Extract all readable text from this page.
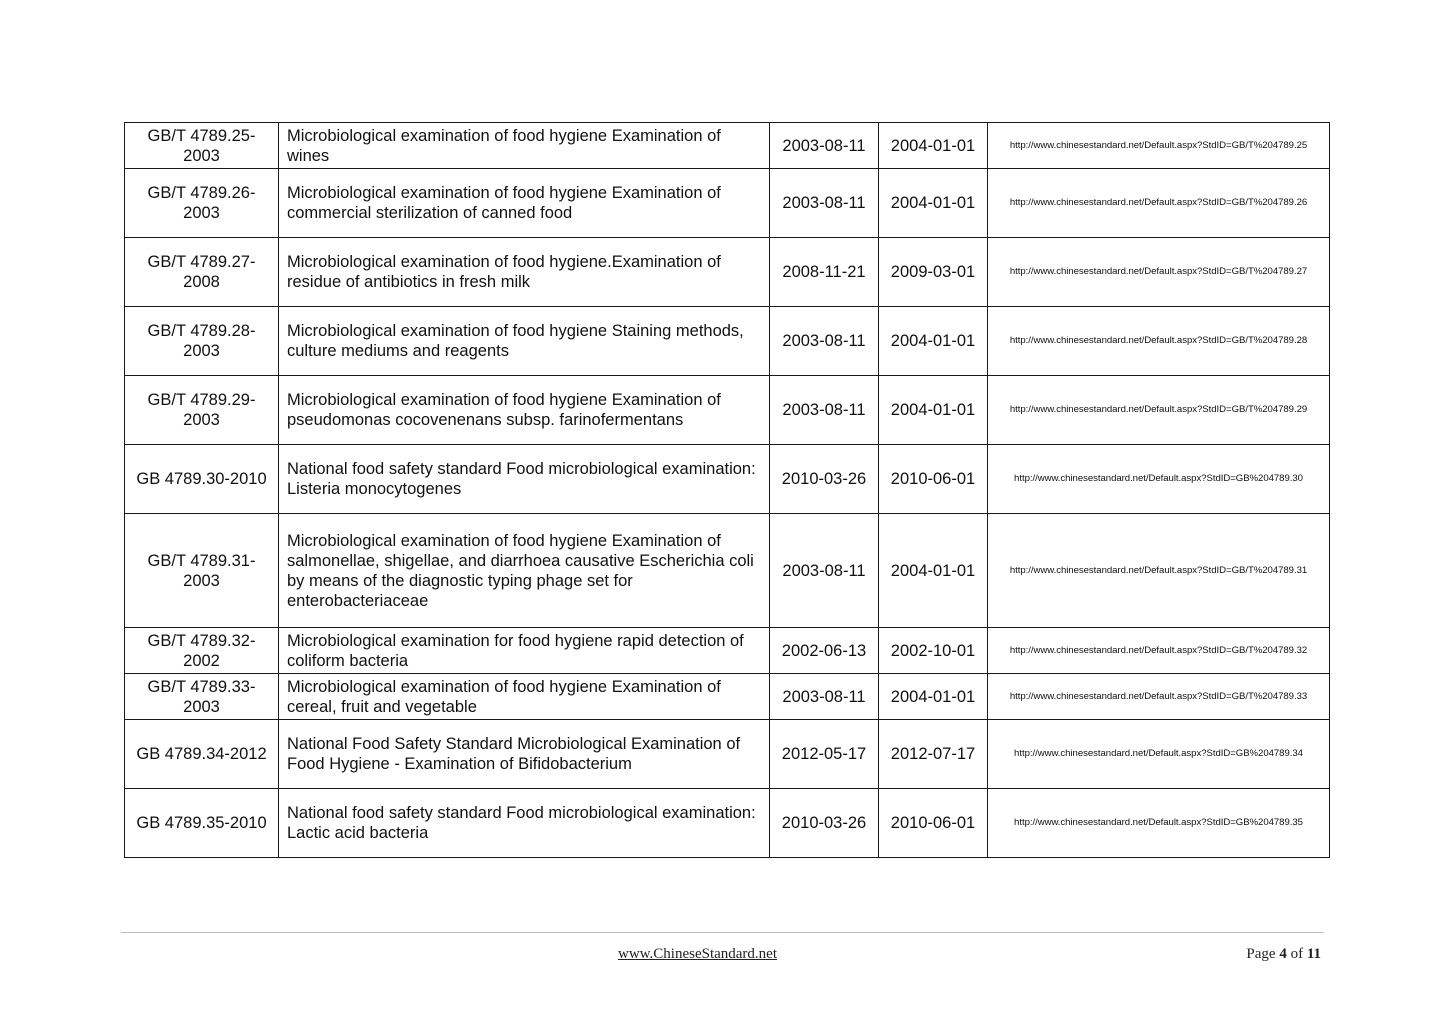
GB/T 4789.25-2003	Microbiological examination of food hygiene Examination of wines	2003-08-11	2004-01-01	http://www.chinesestandard.net/Default.aspx?StdID=GB/T%204789.25
GB/T 4789.26-2003	Microbiological examination of food hygiene Examination of commercial sterilization of canned food	2003-08-11	2004-01-01	http://www.chinesestandard.net/Default.aspx?StdID=GB/T%204789.26
GB/T 4789.27-2008	Microbiological examination of food hygiene.Examination of residue of antibiotics in fresh milk	2008-11-21	2009-03-01	http://www.chinesestandard.net/Default.aspx?StdID=GB/T%204789.27
GB/T 4789.28-2003	Microbiological examination of food hygiene Staining methods, culture mediums and reagents	2003-08-11	2004-01-01	http://www.chinesestandard.net/Default.aspx?StdID=GB/T%204789.28
GB/T 4789.29-2003	Microbiological examination of food hygiene Examination of pseudomonas cocovenenans subsp. farinofermentans	2003-08-11	2004-01-01	http://www.chinesestandard.net/Default.aspx?StdID=GB/T%204789.29
GB 4789.30-2010	National food safety standard Food microbiological examination: Listeria monocytogenes	2010-03-26	2010-06-01	http://www.chinesestandard.net/Default.aspx?StdID=GB%204789.30
GB/T 4789.31-2003	Microbiological examination of food hygiene Examination of salmonellae, shigellae, and diarrhoea causative Escherichia coli by means of the diagnostic typing phage set for enterobacteriaceae	2003-08-11	2004-01-01	http://www.chinesestandard.net/Default.aspx?StdID=GB/T%204789.31
GB/T 4789.32-2002	Microbiological examination for food hygiene rapid detection of coliform bacteria	2002-06-13	2002-10-01	http://www.chinesestandard.net/Default.aspx?StdID=GB/T%204789.32
GB/T 4789.33-2003	Microbiological examination of food hygiene Examination of cereal, fruit and vegetable	2003-08-11	2004-01-01	http://www.chinesestandard.net/Default.aspx?StdID=GB/T%204789.33
GB 4789.34-2012	National Food Safety Standard Microbiological Examination of Food Hygiene - Examination of Bifidobacterium	2012-05-17	2012-07-17	http://www.chinesestandard.net/Default.aspx?StdID=GB%204789.34
GB 4789.35-2010	National food safety standard Food microbiological examination: Lactic acid bacteria	2010-03-26	2010-06-01	http://www.chinesestandard.net/Default.aspx?StdID=GB%204789.35
www.ChineseStandard.net	Page 4 of 11
